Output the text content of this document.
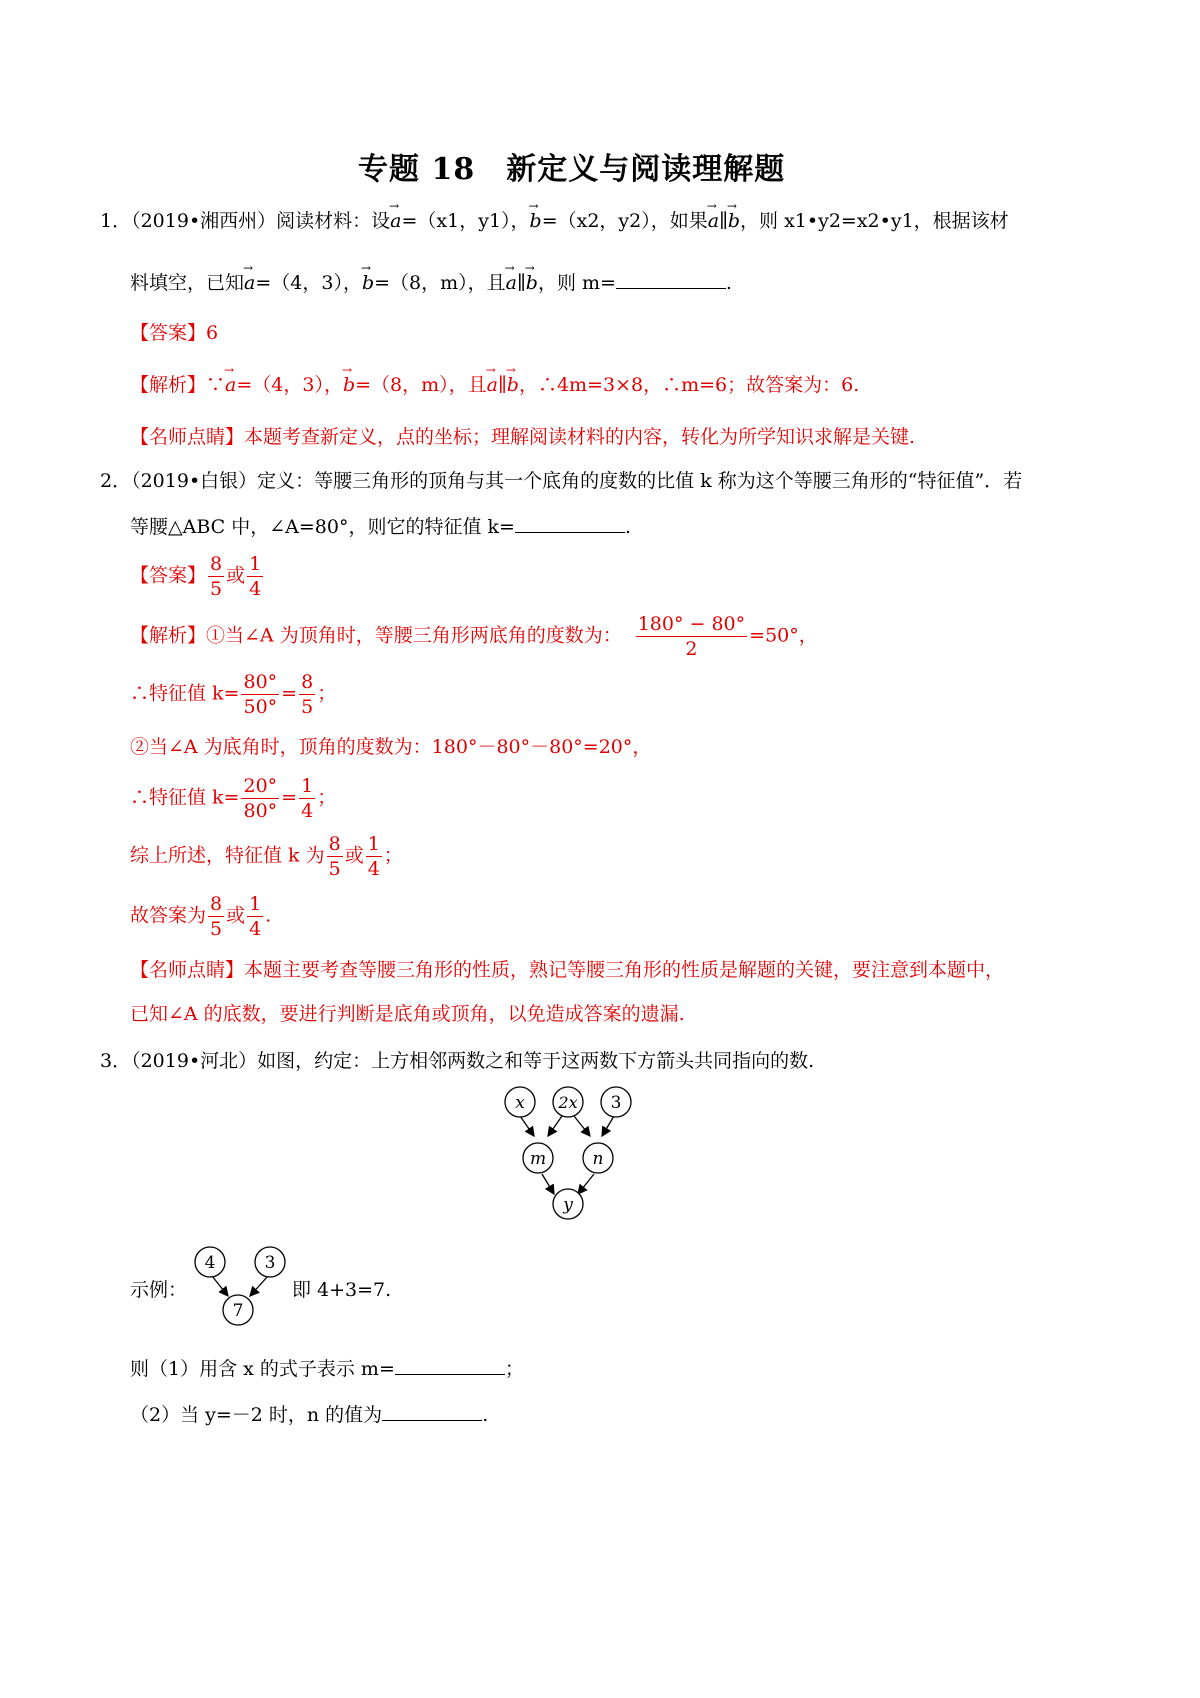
专题 18　新定义与阅读理解题
1．（2019•湘西州）阅读材料：设→ a=（x1，y1），→ b=（x2，y2），如果→ a∥→ b，则 x1•y2=x2•y1，根据该材
料填空，已知→ a=（4，3），→ b=（8，m），且→ a∥→ b，则 m=	.
【答案】6
【解析】∵→ a=（4，3），→ b=（8，m），且→ a∥→ b，∴4m=3×8，∴m=6；故答案为：6.
【名师点睛】本题考查新定义，点的坐标；理解阅读材料的内容，转化为所学知识求解是关键.
2．（2019•白银）定义：等腰三角形的顶角与其一个底角的度数的比值 k 称为这个等腰三角形的“特征值”．若
等腰△ABC 中，∠A=80°，则它的特征值 k=	.
【答案】 $\frac{8}{5}$ 或 $\frac{1}{4}$
【解析】①当∠A 为顶角时，等腰三角形两底角的度数为： $\frac{180^\circ - 80^\circ}{2} =50^\circ$，
∴特征值 $k= \frac{80^\circ}{50^\circ} = \frac{8}{5}$ ；
②当∠A 为底角时，顶角的度数为：180°－80°－80°=20°，
∴特征值 $k= \frac{20^\circ}{80^\circ} = \frac{1}{4}$ ；
综上所述，特征值 k 为 $\frac{8}{5}$ 或 $\frac{1}{4}$ ；
故答案为 $\frac{8}{5}$ 或 $\frac{1}{4}$ .
【名师点睛】本题主要考查等腰三角形的性质，熟记等腰三角形的性质是解题的关键，要注意到本题中，
已知∠A 的底数，要进行判断是底角或顶角，以免造成答案的遗漏.
3．（2019•河北）如图，约定：上方相邻两数之和等于这两数下方箭头共同指向的数.
x 2x 3
m	n
y
示例：
4	3
7
即 4+3=7.
则（1）用含 x 的式子表示 m=	；
（2）当 y=－2 时，n 的值为	.
